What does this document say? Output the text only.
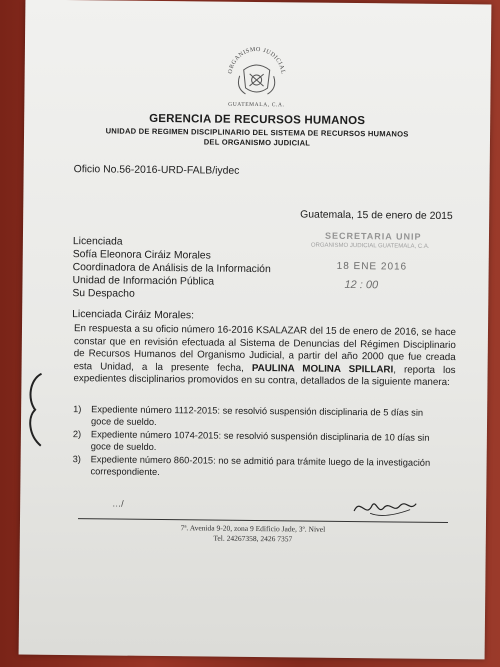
ORGANISMO JUDICIAL
GUATEMALA, C.A.
GERENCIA DE RECURSOS HUMANOS
UNIDAD DE REGIMEN DISCIPLINARIO DEL SISTEMA DE RECURSOS HUMANOS
DEL ORGANISMO JUDICIAL
Oficio No.56-2016-URD-FALB/iydec
Guatemala, 15 de enero de 2015
Licenciada
Sofía Eleonora Ciráiz Morales
Coordinadora de Análisis de la Información
Unidad de Información Pública
Su Despacho
Licenciada Ciráiz Morales:
SECRETARIA UNIP
ORGANISMO JUDICIAL GUATEMALA, C.A.
18 ENE 2016
12 : 00
En respuesta a su oficio número 16-2016 KSALAZAR del 15 de enero de 2016, se hace constar que en revisión efectuada al Sistema de Denuncias del Régimen Disciplinario de Recursos Humanos del Organismo Judicial, a partir del año 2000 que fue creada esta Unidad, a la presente fecha, PAULINA MOLINA SPILLARI, reporta los expedientes disciplinarios promovidos en su contra, detallados de la siguiente manera:
1) Expediente número 1112-2015: se resolvió suspensión disciplinaria de 5 días sin goce de sueldo.
2) Expediente número 1074-2015: se resolvió suspensión disciplinaria de 10 días sin goce de sueldo.
3) Expediente número 860-2015: no se admitió para trámite luego de la investigación correspondiente.
…/
7ª. Avenida 9-20, zona 9 Edificio Jade, 3º. Nivel
Tel. 24267358, 2426 7357
